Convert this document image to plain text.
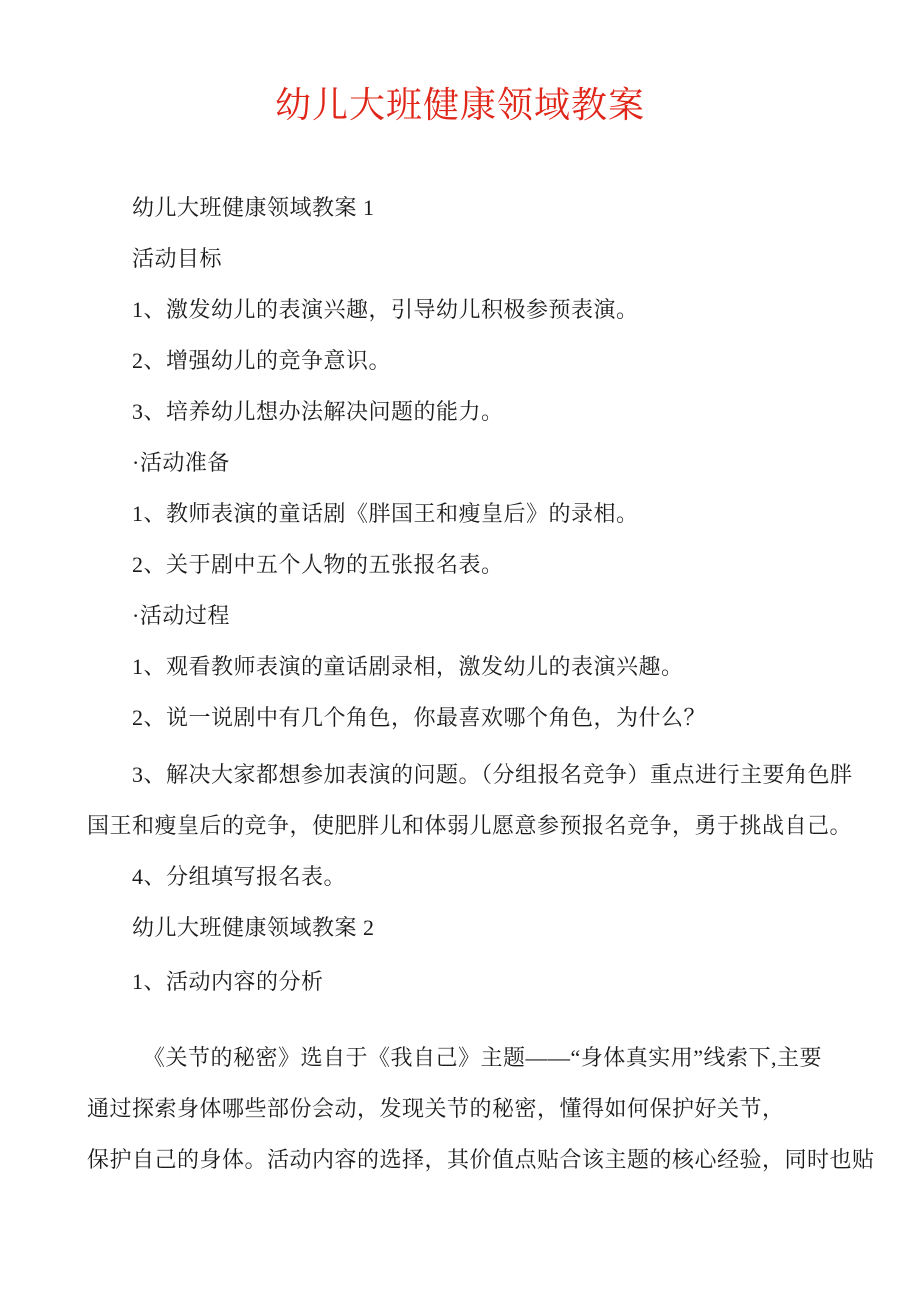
幼儿大班健康领域教案
幼儿大班健康领域教案 1
活动目标
1、激发幼儿的表演兴趣，引导幼儿积极参预表演。
2、增强幼儿的竞争意识。
3、培养幼儿想办法解决问题的能力。
·活动准备
1、教师表演的童话剧《胖国王和瘦皇后》的录相。
2、关于剧中五个人物的五张报名表。
·活动过程
1、观看教师表演的童话剧录相，激发幼儿的表演兴趣。
2、说一说剧中有几个角色，你最喜欢哪个角色，为什么？
3、解决大家都想参加表演的问题。（分组报名竞争）重点进行主要角色胖
国王和瘦皇后的竞争，使肥胖儿和体弱儿愿意参预报名竞争，勇于挑战自己。
4、分组填写报名表。
幼儿大班健康领域教案 2
1、活动内容的分析
《关节的秘密》选自于《我自己》主题——“身体真实用”线索下,主要
通过探索身体哪些部份会动，发现关节的秘密，懂得如何保护好关节，
保护自己的身体。活动内容的选择，其价值点贴合该主题的核心经验，同时也贴
